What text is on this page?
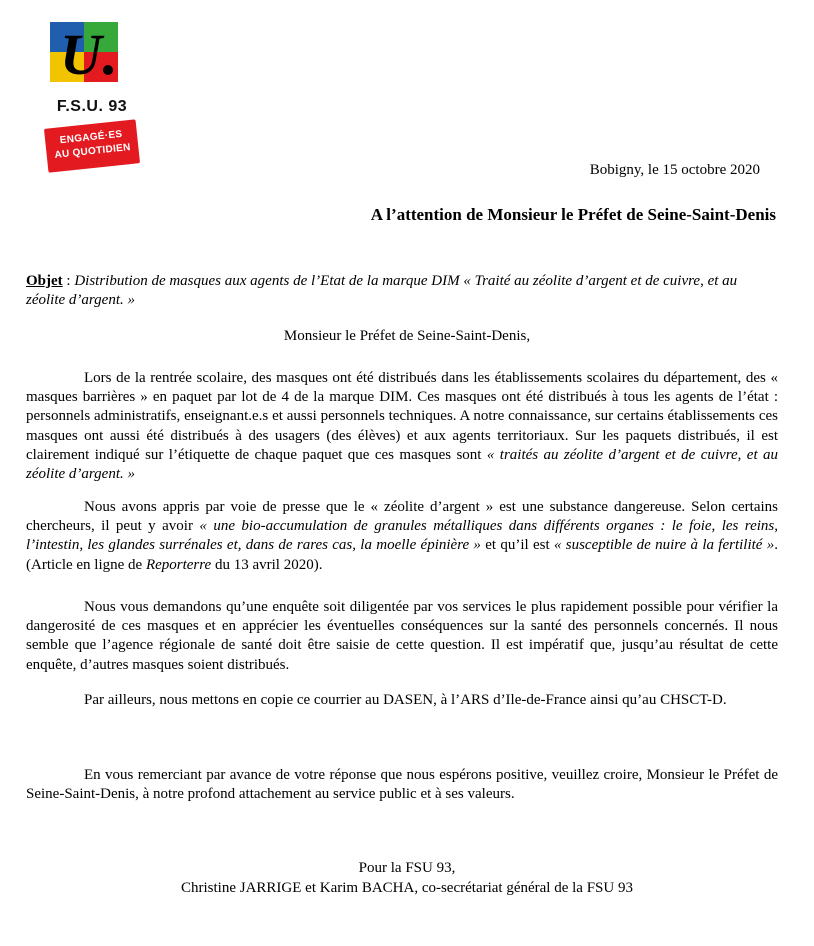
U
F.S.U. 93
ENGAGÉ·ES
AU QUOTIDIEN
Bobigny, le 15 octobre 2020
A l’attention de Monsieur le Préfet de Seine-Saint-Denis
Objet : Distribution de masques aux agents de l’Etat de la marque DIM « Traité au zéolite d’argent et de cuivre, et au zéolite d’argent. »
Monsieur le Préfet de Seine-Saint-Denis,

Lors de la rentrée scolaire, des masques ont été distribués dans les établissements scolaires du département, des « masques barrières » en paquet par lot de 4 de la marque DIM. Ces masques ont été distribués à tous les agents de l’état : personnels administratifs, enseignant.e.s et aussi personnels techniques. A notre connaissance, sur certains établissements ces masques ont aussi été distribués à des usagers (des élèves) et aux agents territoriaux. Sur les paquets distribués, il est clairement indiqué sur l’étiquette de chaque paquet que ces masques sont « traités au zéolite d’argent et de cuivre, et au zéolite d’argent. »

Nous avons appris par voie de presse que le « zéolite d’argent » est une substance dangereuse. Selon certains chercheurs, il peut y avoir « une bio-accumulation de granules métalliques dans différents organes : le foie, les reins, l’intestin, les glandes surrénales et, dans de rares cas, la moelle épinière » et qu’il est « susceptible de nuire à la fertilité ». (Article en ligne de Reporterre du 13 avril 2020).

Nous vous demandons qu’une enquête soit diligentée par vos services le plus rapidement possible pour vérifier la dangerosité de ces masques et en apprécier les éventuelles conséquences sur la santé des personnels concernés. Il nous semble que l’agence régionale de santé doit être saisie de cette question. Il est impératif que, jusqu’au résultat de cette enquête, d’autres masques soient distribués.

Par ailleurs, nous mettons en copie ce courrier au DASEN, à l’ARS d’Ile-de-France ainsi qu’au CHSCT-D.

En vous remerciant par avance de votre réponse que nous espérons positive, veuillez croire, Monsieur le Préfet de Seine-Saint-Denis, à notre profond attachement au service public et à ses valeurs.

Pour la FSU 93,
Christine JARRIGE et Karim BACHA, co-secrétariat général de la FSU 93
